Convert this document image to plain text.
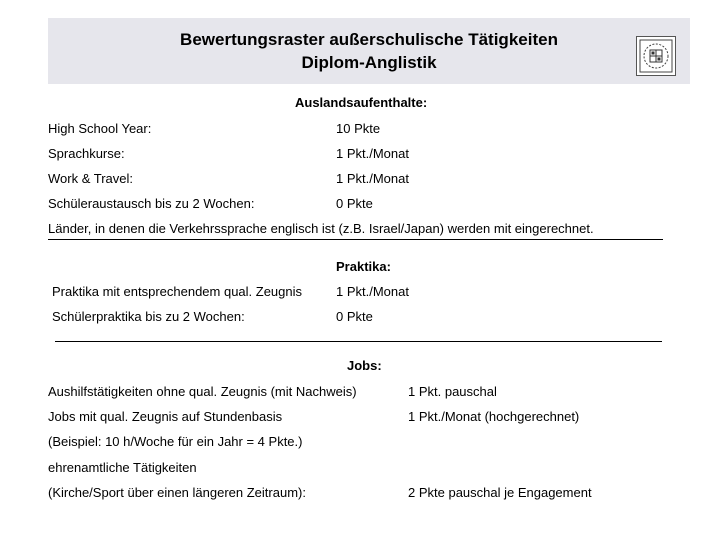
Bewertungsraster außerschulische Tätigkeiten
Diplom-Anglistik
Auslandsaufenthalte:
High School Year:	10 Pkte
Sprachkurse:	1 Pkt./Monat
Work & Travel:	1 Pkt./Monat
Schüleraustausch bis zu 2 Wochen:	0 Pkte
Länder, in denen die Verkehrssprache englisch ist (z.B. Israel/Japan) werden mit eingerechnet.
Praktika:
Praktika mit entsprechendem qual. Zeugnis	1 Pkt./Monat
Schülerpraktika bis zu 2 Wochen:	0 Pkte
Jobs:
Aushilfstätigkeiten ohne qual. Zeugnis (mit Nachweis)	1 Pkt. pauschal
Jobs mit qual. Zeugnis auf Stundenbasis	1 Pkt./Monat (hochgerechnet)
(Beispiel: 10 h/Woche für ein Jahr = 4 Pkte.)
ehrenamtliche Tätigkeiten
(Kirche/Sport über einen längeren Zeitraum):	2 Pkte pauschal je Engagement
